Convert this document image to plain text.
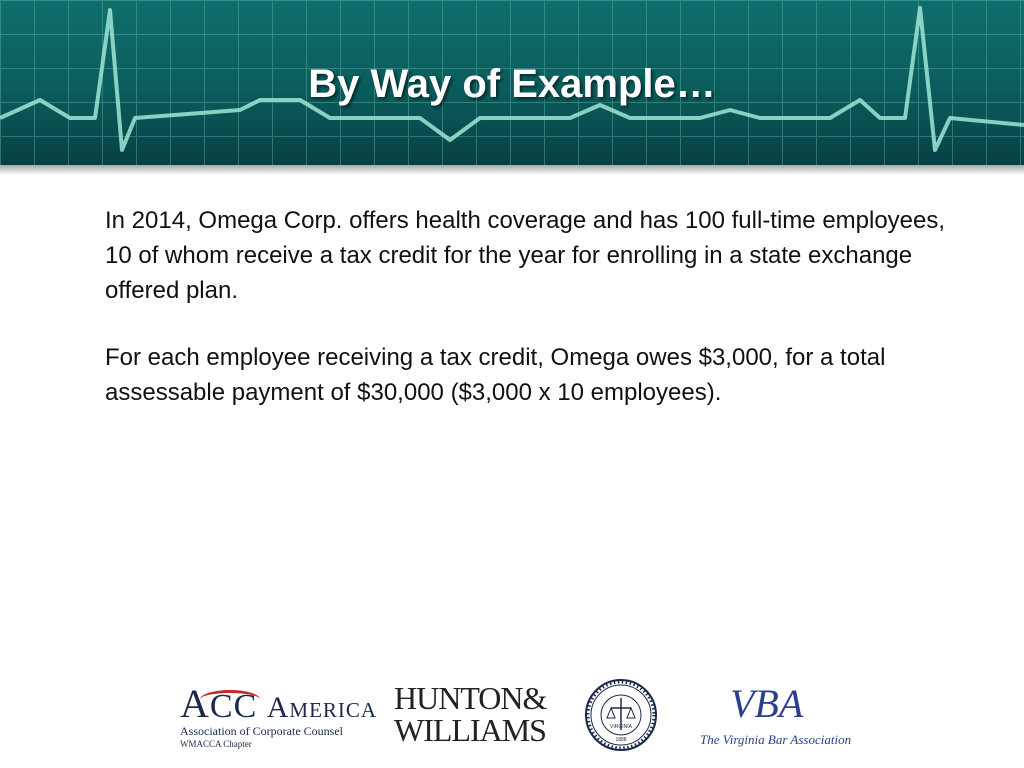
By Way of Example…

In 2014, Omega Corp. offers health coverage and has 100 full-time employees, 10 of whom receive a tax credit for the year for enrolling in a state exchange offered plan.

For each employee receiving a tax credit, Omega owes $3,000, for a total assessable payment of $30,000 ($3,000 x 10 employees).

ACC America
Association of Corporate Counsel
WMACCA Chapter
HUNTON&
WILLIAMS	VIRGINIA
1888
VBA
The Virginia Bar Association
